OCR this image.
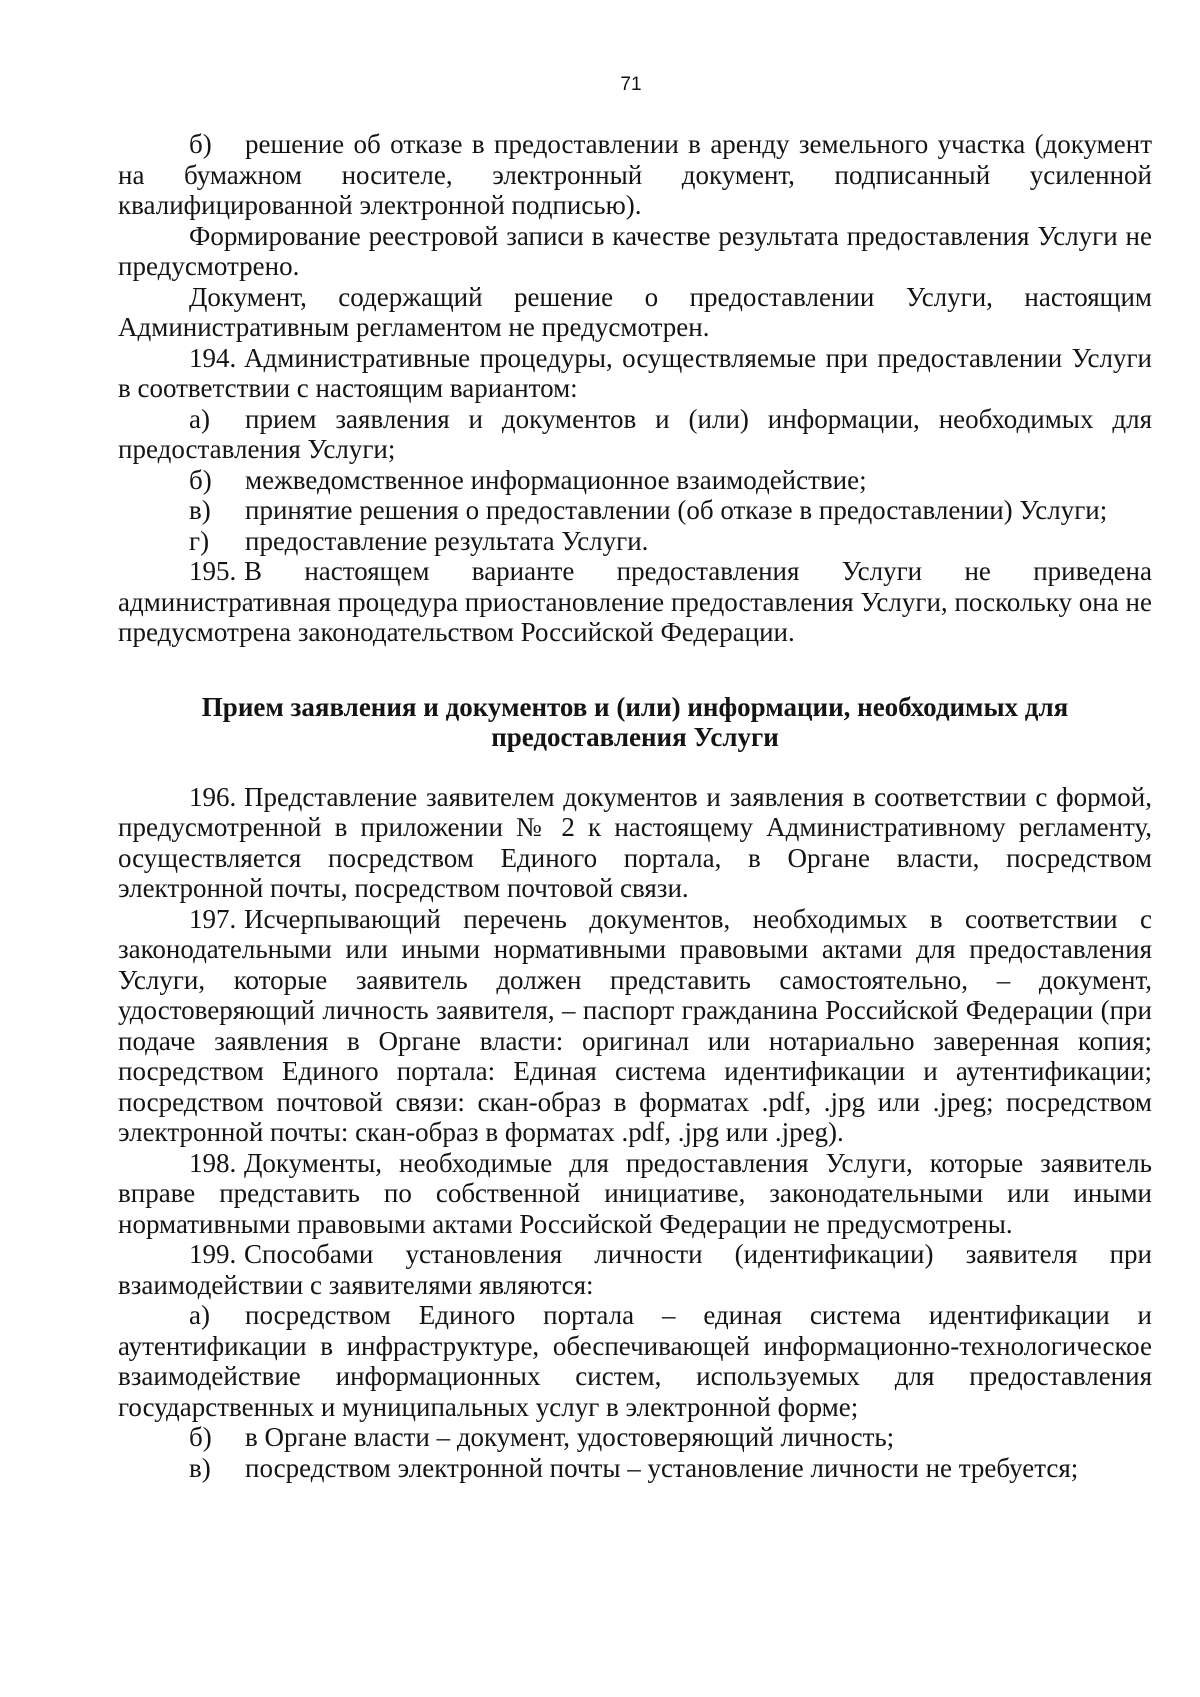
71

б) решение об отказе в предоставлении в аренду земельного участка (документ на бумажном носителе, электронный документ, подписанный усиленной квалифицированной электронной подписью).

Формирование реестровой записи в качестве результата предоставления Услуги не предусмотрено.

Документ, содержащий решение о предоставлении Услуги, настоящим Административным регламентом не предусмотрен.

194. Административные процедуры, осуществляемые при предоставлении Услуги в соответствии с настоящим вариантом:

а) прием заявления и документов и (или) информации, необходимых для предоставления Услуги;

б) межведомственное информационное взаимодействие;

в) принятие решения о предоставлении (об отказе в предоставлении) Услуги;

г) предоставление результата Услуги.

195. В настоящем варианте предоставления Услуги не приведена административная процедура приостановление предоставления Услуги, поскольку она не предусмотрена законодательством Российской Федерации.

Прием заявления и документов и (или) информации, необходимых для
предоставления Услуги

196. Представление заявителем документов и заявления в соответствии с формой, предусмотренной в приложении № 2 к настоящему Административному регламенту, осуществляется посредством Единого портала, в Органе власти, посредством электронной почты, посредством почтовой связи.

197. Исчерпывающий перечень документов, необходимых в соответствии с законодательными или иными нормативными правовыми актами для предоставления Услуги, которые заявитель должен представить самостоятельно, – документ, удостоверяющий личность заявителя, – паспорт гражданина Российской Федерации (при подаче заявления в Органе власти: оригинал или нотариально заверенная копия; посредством Единого портала: Единая система идентификации и аутентификации; посредством почтовой связи: скан-образ в форматах .pdf, .jpg или .jpeg; посредством электронной почты: скан-образ в форматах .pdf, .jpg или .jpeg).

198. Документы, необходимые для предоставления Услуги, которые заявитель вправе представить по собственной инициативе, законодательными или иными нормативными правовыми актами Российской Федерации не предусмотрены.

199. Способами установления личности (идентификации) заявителя при взаимодействии с заявителями являются:

а) посредством Единого портала – единая система идентификации и аутентификации в инфраструктуре, обеспечивающей информационно-технологическое взаимодействие информационных систем, используемых для предоставления государственных и муниципальных услуг в электронной форме;

б) в Органе власти – документ, удостоверяющий личность;

в) посредством электронной почты – установление личности не требуется;
